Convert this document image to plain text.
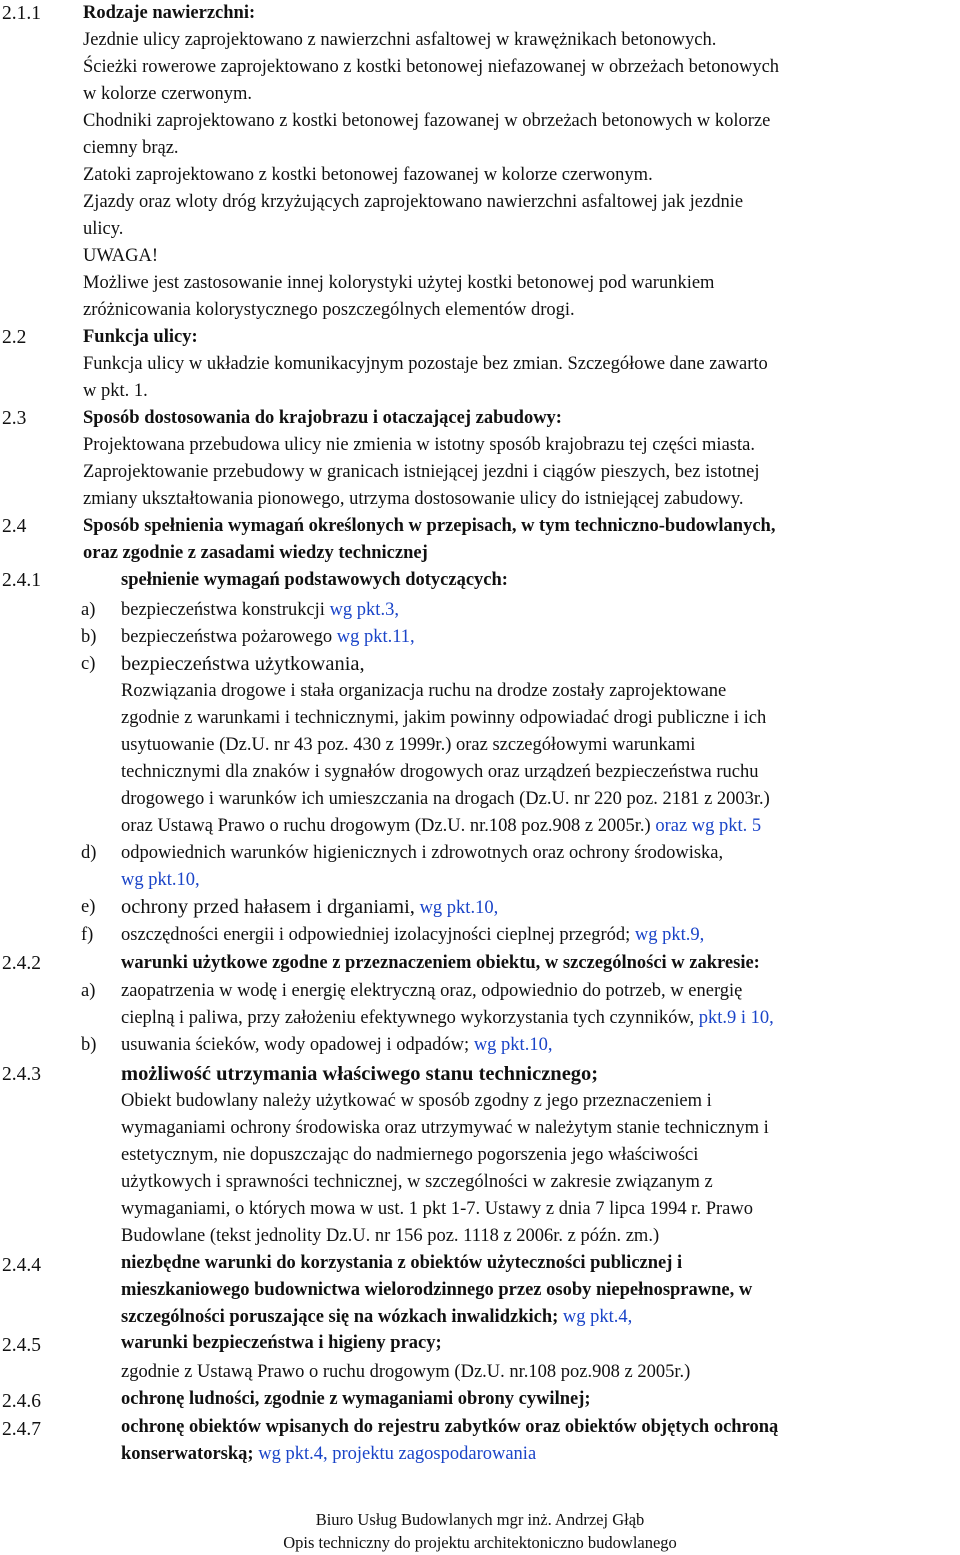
2.1.1 Rodzaje nawierzchni:
Jezdnie ulicy zaprojektowano z nawierzchni asfaltowej w krawężnikach betonowych.
Ścieżki rowerowe zaprojektowano z kostki betonowej niefazowanej w obrzeżach betonowych
w kolorze czerwonym.
Chodniki zaprojektowano z kostki betonowej fazowanej w obrzeżach betonowych w kolorze
ciemny brąz.
Zatoki zaprojektowano z kostki betonowej fazowanej w kolorze czerwonym.
Zjazdy oraz wloty dróg krzyżujących zaprojektowano nawierzchni asfaltowej jak jezdnie
ulicy.
UWAGA!
Możliwe jest zastosowanie innej kolorystyki użytej kostki betonowej pod warunkiem
zróżnicowania kolorystycznego poszczególnych elementów drogi.
2.2	Funkcja ulicy:
Funkcja ulicy w układzie komunikacyjnym pozostaje bez zmian. Szczegółowe dane zawarto
w pkt. 1.
2.3	Sposób dostosowania do krajobrazu i otaczającej zabudowy:
Projektowana przebudowa ulicy nie zmienia w istotny sposób krajobrazu tej części miasta.
Zaprojektowanie przebudowy w granicach istniejącej jezdni i ciągów pieszych, bez istotnej
zmiany ukształtowania pionowego, utrzyma dostosowanie ulicy do istniejącej zabudowy.
2.4	Sposób spełnienia wymagań określonych w przepisach, w tym techniczno-budowlanych,
oraz zgodnie z zasadami wiedzy technicznej
2.4.1	spełnienie wymagań podstawowych dotyczących:
a) bezpieczeństwa konstrukcji wg pkt.3,
b) bezpieczeństwa pożarowego wg pkt.11,
c) bezpieczeństwa użytkowania,
Rozwiązania drogowe i stała organizacja ruchu na drodze zostały zaprojektowane
zgodnie z warunkami i technicznymi, jakim powinny odpowiadać drogi publiczne i ich
usytuowanie (Dz.U. nr 43 poz. 430 z 1999r.) oraz szczegółowymi warunkami
technicznymi dla znaków i sygnałów drogowych oraz urządzeń bezpieczeństwa ruchu
drogowego i warunków ich umieszczania na drogach (Dz.U. nr 220 poz. 2181 z 2003r.)
oraz Ustawą Prawo o ruchu drogowym (Dz.U. nr.108 poz.908 z 2005r.) oraz wg pkt. 5
d) odpowiednich warunków higienicznych i zdrowotnych oraz ochrony środowiska,
wg pkt.10,
e) ochrony przed hałasem i drganiami, wg pkt.10,
f) oszczędności energii i odpowiedniej izolacyjności cieplnej przegród; wg pkt.9,
2.4.2	warunki użytkowe zgodne z przeznaczeniem obiektu, w szczególności w zakresie:
a) zaopatrzenia w wodę i energię elektryczną oraz, odpowiednio do potrzeb, w energię
cieplną i paliwa, przy założeniu efektywnego wykorzystania tych czynników, pkt.9 i 10,
b) usuwania ścieków, wody opadowej i odpadów; wg pkt.10,
2.4.3	możliwość utrzymania właściwego stanu technicznego;
Obiekt budowlany należy użytkować w sposób zgodny z jego przeznaczeniem i
wymaganiami ochrony środowiska oraz utrzymywać w należytym stanie technicznym i
estetycznym, nie dopuszczając do nadmiernego pogorszenia jego właściwości
użytkowych i sprawności technicznej, w szczególności w zakresie związanym z
wymaganiami, o których mowa w ust. 1 pkt 1-7. Ustawy z dnia 7 lipca 1994 r. Prawo
Budowlane (tekst jednolity Dz.U. nr 156 poz. 1118 z 2006r. z późn. zm.)
2.4.4	niezbędne warunki do korzystania z obiektów użyteczności publicznej i
mieszkaniowego budownictwa wielorodzinnego przez osoby niepełnosprawne, w
szczególności poruszające się na wózkach inwalidzkich; wg pkt.4,
2.4.5	warunki bezpieczeństwa i higieny pracy;
zgodnie z Ustawą Prawo o ruchu drogowym (Dz.U. nr.108 poz.908 z 2005r.)
2.4.6	ochronę ludności, zgodnie z wymaganiami obrony cywilnej;
2.4.7	ochronę obiektów wpisanych do rejestru zabytków oraz obiektów objętych ochroną
konserwatorską; wg pkt.4, projektu zagospodarowania
Biuro Usług Budowlanych mgr inż. Andrzej Głąb
Opis techniczny do projektu architektoniczno budowlanego
